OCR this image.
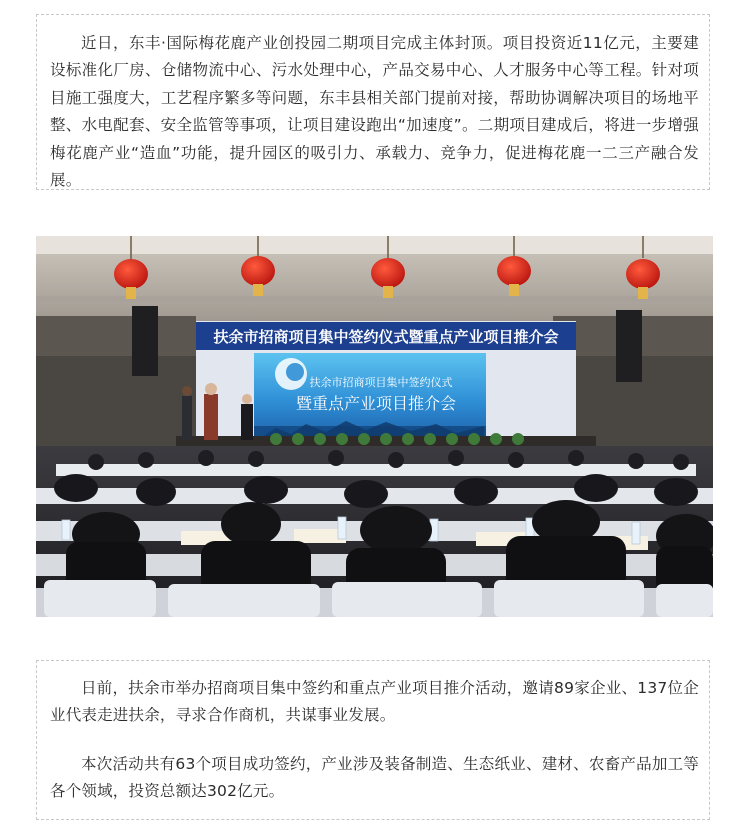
近日，东丰·国际梅花鹿产业创投园二期项目完成主体封顶。项目投资近11亿元，主要建设标准化厂房、仓储物流中心、污水处理中心，产品交易中心、人才服务中心等工程。针对项目施工强度大，工艺程序繁多等问题，东丰县相关部门提前对接，帮助协调解决项目的场地平整、水电配套、安全监管等事项，让项目建设跑出“加速度”。二期项目建成后，将进一步增强梅花鹿产业“造血”功能，提升园区的吸引力、承载力、竞争力，促进梅花鹿一二三产融合发展。

扶余市招商项目集中签约仪式暨重点产业项目推介会
扶余市招商项目集中签约仪式
暨重点产业项目推介会

日前，扶余市举办招商项目集中签约和重点产业项目推介活动，邀请89家企业、137位企业代表走进扶余，寻求合作商机，共谋事业发展。

本次活动共有63个项目成功签约，产业涉及装备制造、生态纸业、建材、农畜产品加工等各个领域，投资总额达302亿元。
